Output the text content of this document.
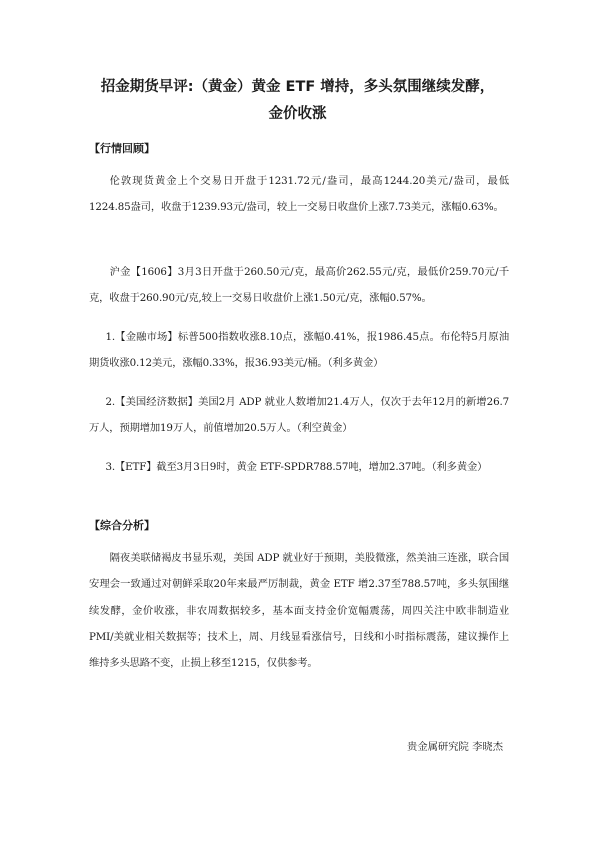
招金期货早评:（黄金）黄金 ETF 增持，多头氛围继续发酵，
金价收涨
【行情回顾】
伦敦现货黄金上个交易日开盘于1231.72元/盎司，最高1244.20美元/盎司，最低1224.85盎司，收盘于1239.93元/盎司，较上一交易日收盘价上涨7.73美元，涨幅0.63%。
沪金【1606】3月3日开盘于260.50元/克，最高价262.55元/克，最低价259.70元/千克，收盘于260.90元/克,较上一交易日收盘价上涨1.50元/克，涨幅0.57%。
1.【金融市场】标普500指数收涨8.10点，涨幅0.41%，报1986.45点。布伦特5月原油期货收涨0.12美元，涨幅0.33%，报36.93美元/桶。（利多黄金）
2.【美国经济数据】美国2月 ADP 就业人数增加21.4万人，仅次于去年12月的新增26.7万人，预期增加19万人，前值增加20.5万人。（利空黄金）
3.【ETF】截至3月3日9时，黄金 ETF-SPDR788.57吨，增加2.37吨。（利多黄金）
【综合分析】
隔夜美联储褐皮书显乐观，美国 ADP 就业好于预期，美股微涨，然美油三连涨，联合国安理会一致通过对朝鲜采取20年来最严厉制裁，黄金 ETF 增2.37至788.57吨，多头氛围继续发酵，金价收涨，非农周数据较多，基本面支持金价宽幅震荡，周四关注中欧非制造业 PMI/美就业相关数据等；技术上，周、月线显看涨信号，日线和小时指标震荡，建议操作上维持多头思路不变，止损上移至1215，仅供参考。
贵金属研究院 李晓杰
